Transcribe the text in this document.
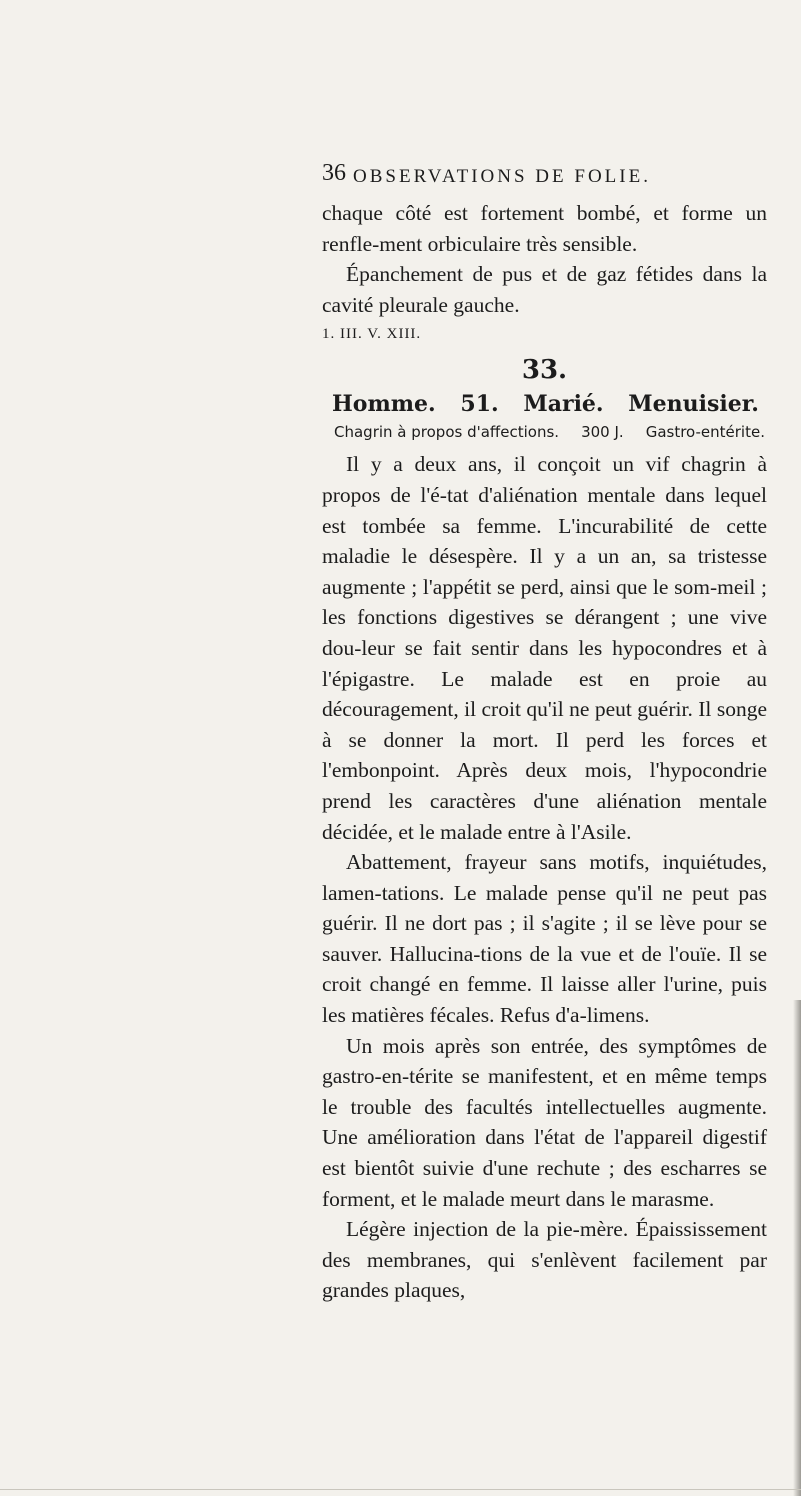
36 OBSERVATIONS DE FOLIE.

chaque côté est fortement bombé, et forme un renfle-ment orbiculaire très sensible.

Épanchement de pus et de gaz fétides dans la cavité pleurale gauche.

1. III. V. XIII.
33.
Homme. 51. Marié. Menuisier.
Chagrin à propos d'affections. 300 J. Gastro-entérite.

Il y a deux ans, il conçoit un vif chagrin à propos de l'é-tat d'aliénation mentale dans lequel est tombée sa femme. L'incurabilité de cette maladie le désespère. Il y a un an, sa tristesse augmente ; l'appétit se perd, ainsi que le som-meil ; les fonctions digestives se dérangent ; une vive dou-leur se fait sentir dans les hypocondres et à l'épigastre. Le malade est en proie au découragement, il croit qu'il ne peut guérir. Il songe à se donner la mort. Il perd les forces et l'embonpoint. Après deux mois, l'hypocondrie prend les caractères d'une aliénation mentale décidée, et le malade entre à l'Asile.

Abattement, frayeur sans motifs, inquiétudes, lamen-tations. Le malade pense qu'il ne peut pas guérir. Il ne dort pas ; il s'agite ; il se lève pour se sauver. Hallucina-tions de la vue et de l'ouïe. Il se croit changé en femme. Il laisse aller l'urine, puis les matières fécales. Refus d'a-limens.

Un mois après son entrée, des symptômes de gastro-en-térite se manifestent, et en même temps le trouble des facultés intellectuelles augmente. Une amélioration dans l'état de l'appareil digestif est bientôt suivie d'une rechute ; des escharres se forment, et le malade meurt dans le marasme.

Légère injection de la pie-mère. Épaississement des membranes, qui s'enlèvent facilement par grandes plaques,
